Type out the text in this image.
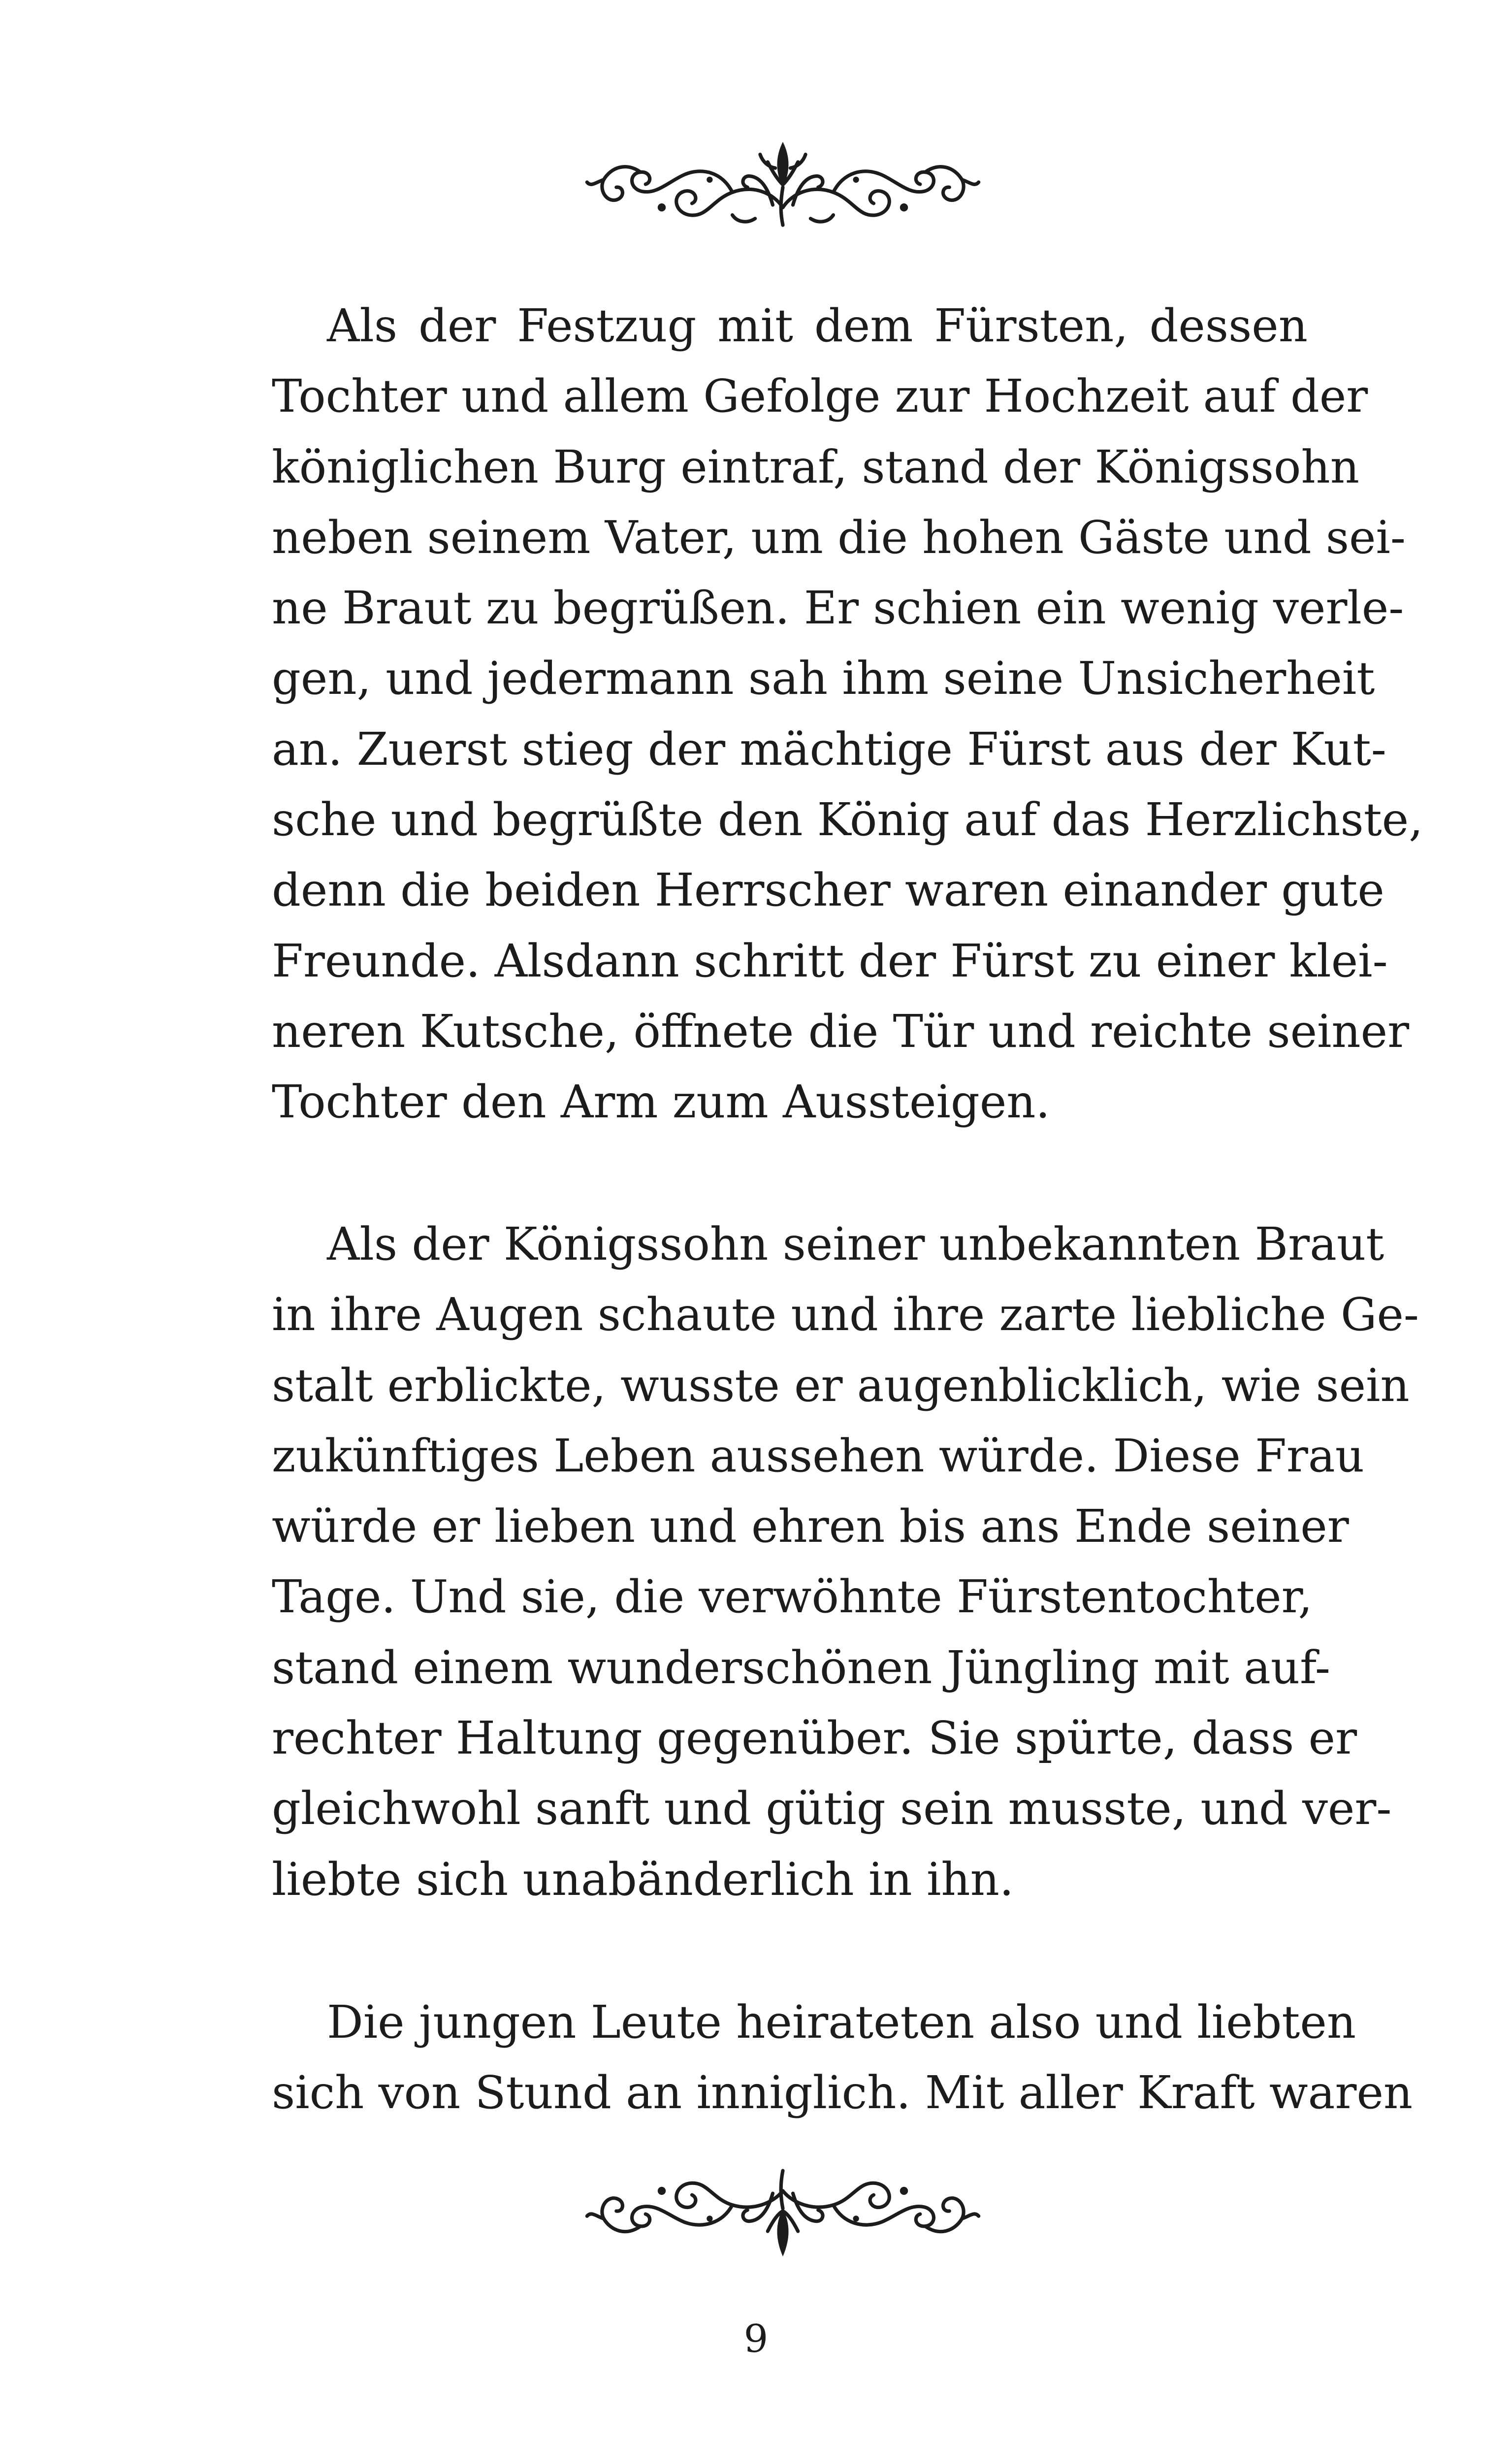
Als der Festzug mit dem Fürsten, dessen
Tochter und allem Gefolge zur Hochzeit auf der
königlichen Burg eintraf, stand der Königssohn
neben seinem Vater, um die hohen Gäste und sei-
ne Braut zu begrüßen. Er schien ein wenig verle-
gen, und jedermann sah ihm seine Unsicherheit
an. Zuerst stieg der mächtige Fürst aus der Kut-
sche und begrüßte den König auf das Herzlichste,
denn die beiden Herrscher waren einander gute
Freunde. Alsdann schritt der Fürst zu einer klei-
neren Kutsche, öffnete die Tür und reichte seiner
Tochter den Arm zum Aussteigen.
Als der Königssohn seiner unbekannten Braut
in ihre Augen schaute und ihre zarte liebliche Ge-
stalt erblickte, wusste er augenblicklich, wie sein
zukünftiges Leben aussehen würde. Diese Frau
würde er lieben und ehren bis ans Ende seiner
Tage. Und sie, die verwöhnte Fürstentochter,
stand einem wunderschönen Jüngling mit auf-
rechter Haltung gegenüber. Sie spürte, dass er
gleichwohl sanft und gütig sein musste, und ver-
liebte sich unabänderlich in ihn.
Die jungen Leute heirateten also und liebten
sich von Stund an inniglich. Mit aller Kraft waren
9
